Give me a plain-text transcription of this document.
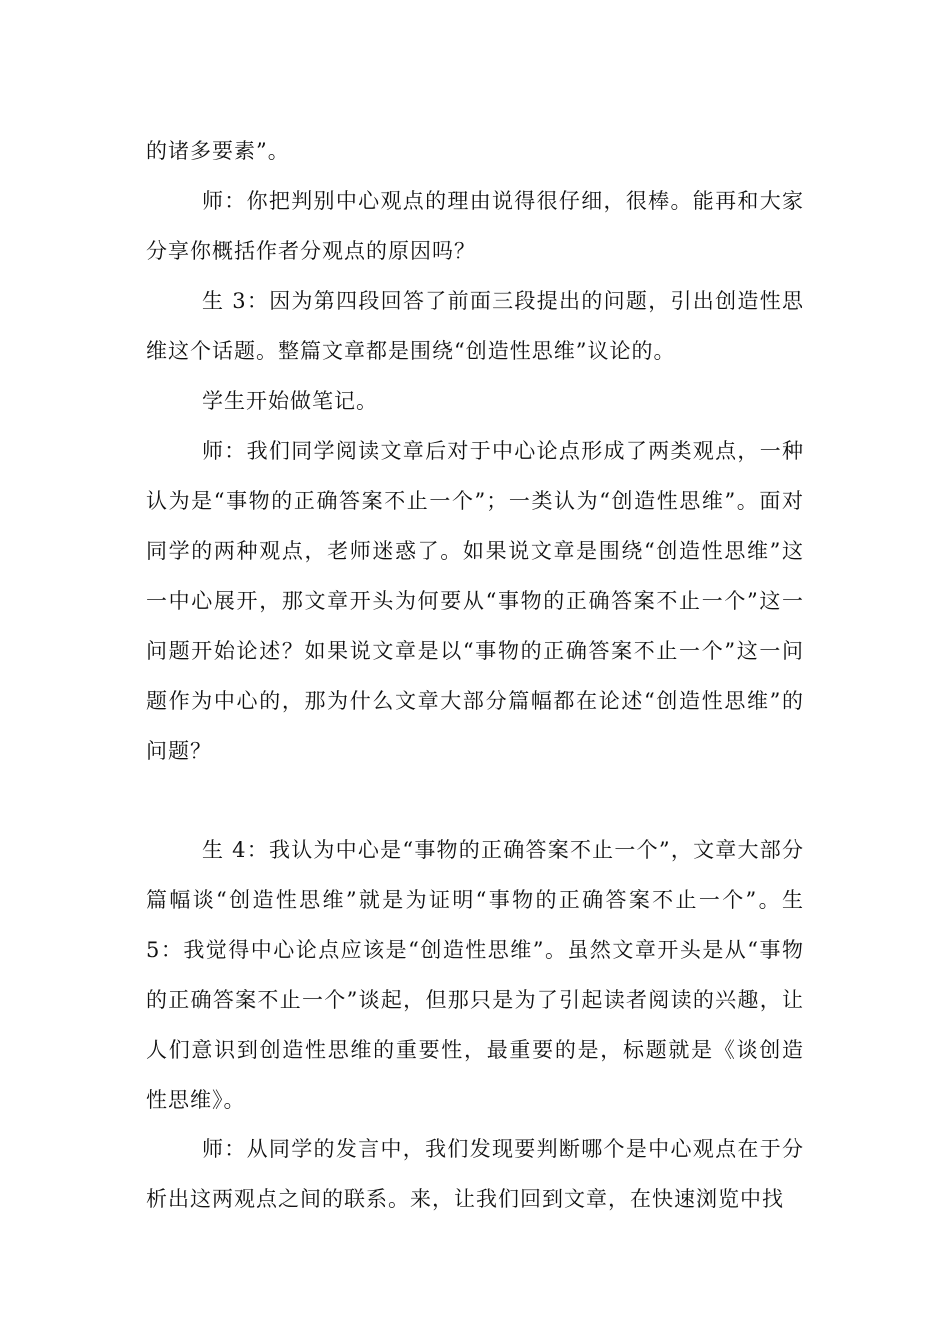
的诸多要素”。

师：你把判别中心观点的理由说得很仔细，很棒。能再和大家分享你概括作者分观点的原因吗？

生 3：因为第四段回答了前面三段提出的问题，引出创造性思维这个话题。整篇文章都是围绕“创造性思维”议论的。

学生开始做笔记。

师：我们同学阅读文章后对于中心论点形成了两类观点，一种认为是“事物的正确答案不止一个”；一类认为“创造性思维”。面对同学的两种观点，老师迷惑了。如果说文章是围绕“创造性思维”这一中心展开，那文章开头为何要从“事物的正确答案不止一个”这一问题开始论述？如果说文章是以“事物的正确答案不止一个”这一问题作为中心的，那为什么文章大部分篇幅都在论述“创造性思维”的问题？

生 4：我认为中心是“事物的正确答案不止一个”，文章大部分篇幅谈“创造性思维”就是为证明“事物的正确答案不止一个”。生 5：我觉得中心论点应该是“创造性思维”。虽然文章开头是从“事物的正确答案不止一个”谈起，但那只是为了引起读者阅读的兴趣，让人们意识到创造性思维的重要性，最重要的是，标题就是《谈创造性思维》。

师：从同学的发言中，我们发现要判断哪个是中心观点在于分析出这两观点之间的联系。来，让我们回到文章，在快速浏览中找
